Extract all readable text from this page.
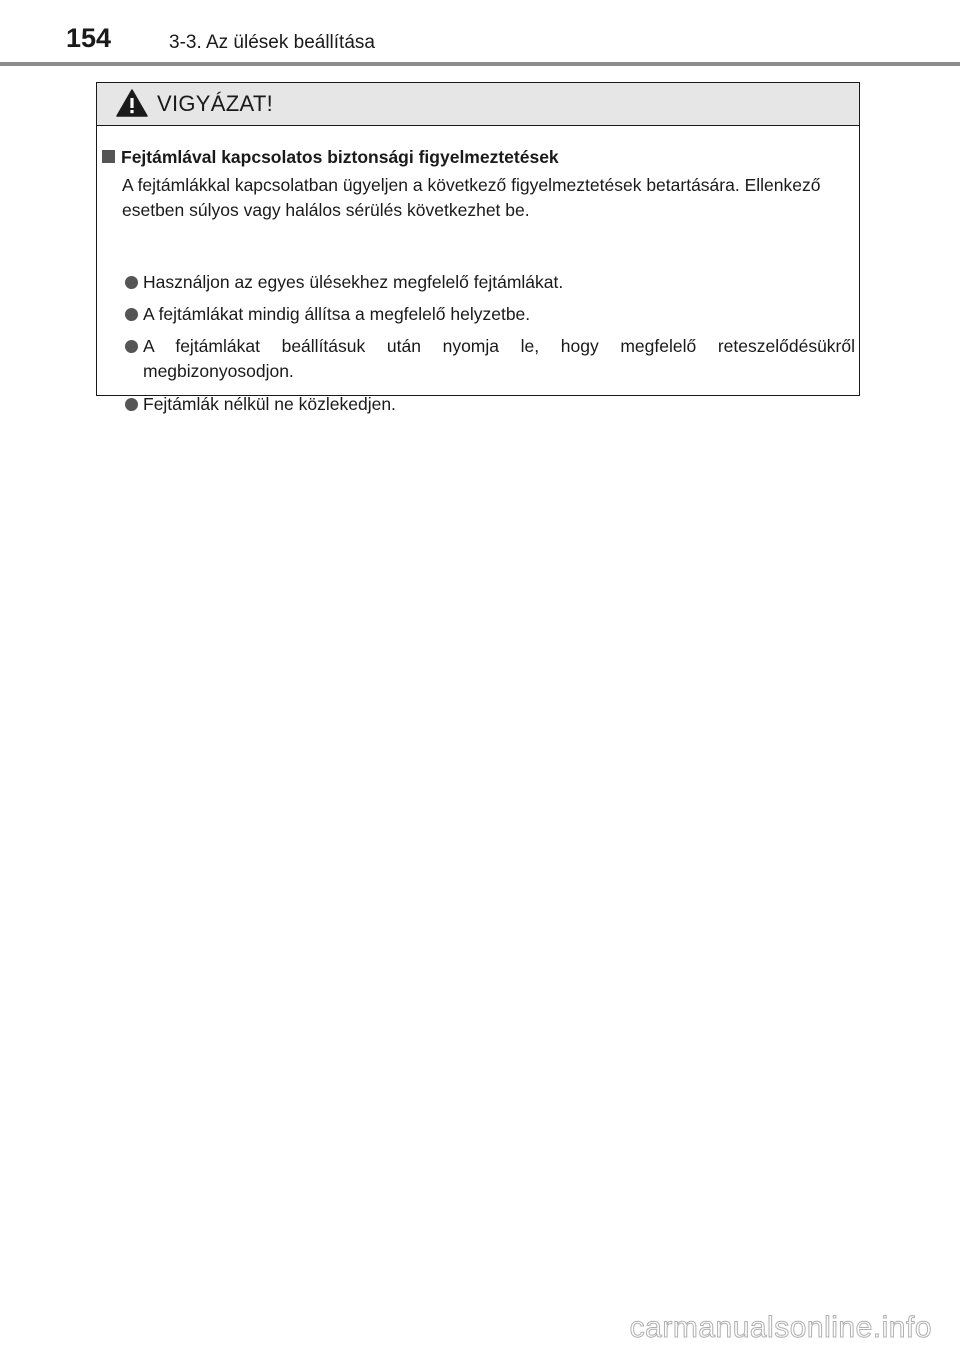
154	3-3. Az ülések beállítása
VIGYÁZAT!
Fejtámlával kapcsolatos biztonsági figyelmeztetések
A fejtámlákkal kapcsolatban ügyeljen a következő figyelmeztetések betartására. Ellenkező esetben súlyos vagy halálos sérülés következhet be.
Használjon az egyes ülésekhez megfelelő fejtámlákat.
A fejtámlákat mindig állítsa a megfelelő helyzetbe.
A fejtámlákat beállításuk után nyomja le, hogy megfelelő reteszelődésükről megbizonyosodjon.
Fejtámlák nélkül ne közlekedjen.
carmanualsonline.info
